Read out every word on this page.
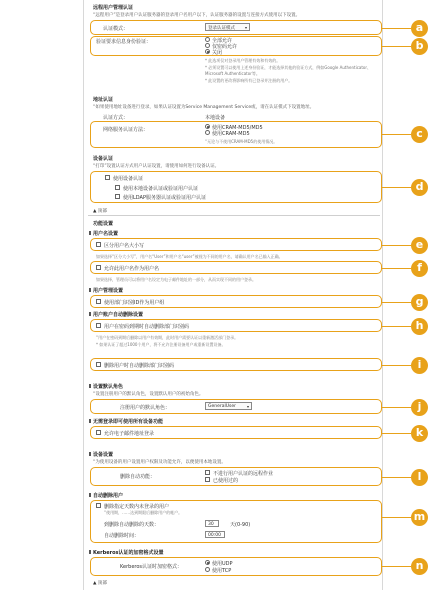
远程用户管理认证
“远程用户”是登录用户认证服务器的登录用户名用户以下，认证服务器的设置与连接方式使用以下设置。
认证模式：	登录认证模式 ▾
验证要求信息身份验证：	全部允许
仅密码允许
关闭
* 此选项仅对登录用户管理有效和有效的。
* 必须设置可以使用上述身份验证，才能选择其他的验证方式，例如Google Authenticator、
Microsoft Authenticator等。
* 此设置的更改将影响所有已登录并注册的用户。
地址认证
“如果使用地址设备进行登录，如果认证设置为Service Management Service或，请在认证模式下设置地址。
认证方式：	本地设备
网络服务认证方法：	使用CRAM-MD5/MD5
使用CRAM-MD5
“无论与不使用CRAM-MD5的使用情况。
设备认证
“打印”设置认证方式用户认证设置，请使用如何进行设备认证。
使用设备认证
使用本地设备认证或验证用户认证
使用LDAP服务器认证或验证用户认证
▲ 顶部
功能设置
用户名设置
区分用户名大小写
如果选择“区分大小写”，用户名“User”和用户名“user”被视为不同的用户名，请确认用户名已输入正确。
允许此用户名作为用户名
如果选择，管理员可以将用户名设定为电子邮件地址的一部分，从而实现不同的用户登录。
用户管理设置
使用部门识别ID作为用户组
用户账户自动删除设置
用户在密码到期时自动删除部门识别码
“用户在密码到期后删除以用户有效期，此时用户需要认证以重新激活部门登录。
* 如果认证了超过1000个用户，将不允许注册设备用户或重新设置设备。
删除用户时自动删除部门识别码
设置默认角色
“设置注册用户的默认角色，设置默认用户的初始角色。
注册用户的默认角色：	GeneralUser	▾
无需登录即可使用所有设备功能
允许电子邮件地址登录
设备设置
“为使用设备的用户设置用户权限及功能允许，以便使用本地设置。
删除自动功能：	不进行用户认证的远程作业
已使用过的
自动删除用户
删除指定天数内未登录的用户
“使用期，……达到期限后删除用户的帐户。
到删除自动删除的天数：	30	天(0-90)
自动删除时间：	00:00
Kerberos认证的加密格式设置
Kerberos认证时加密格式：	使用UDP
使用TCP
▲ 顶部
a
b
c
d
e
f
g
h
i
j
k
l
m
n
